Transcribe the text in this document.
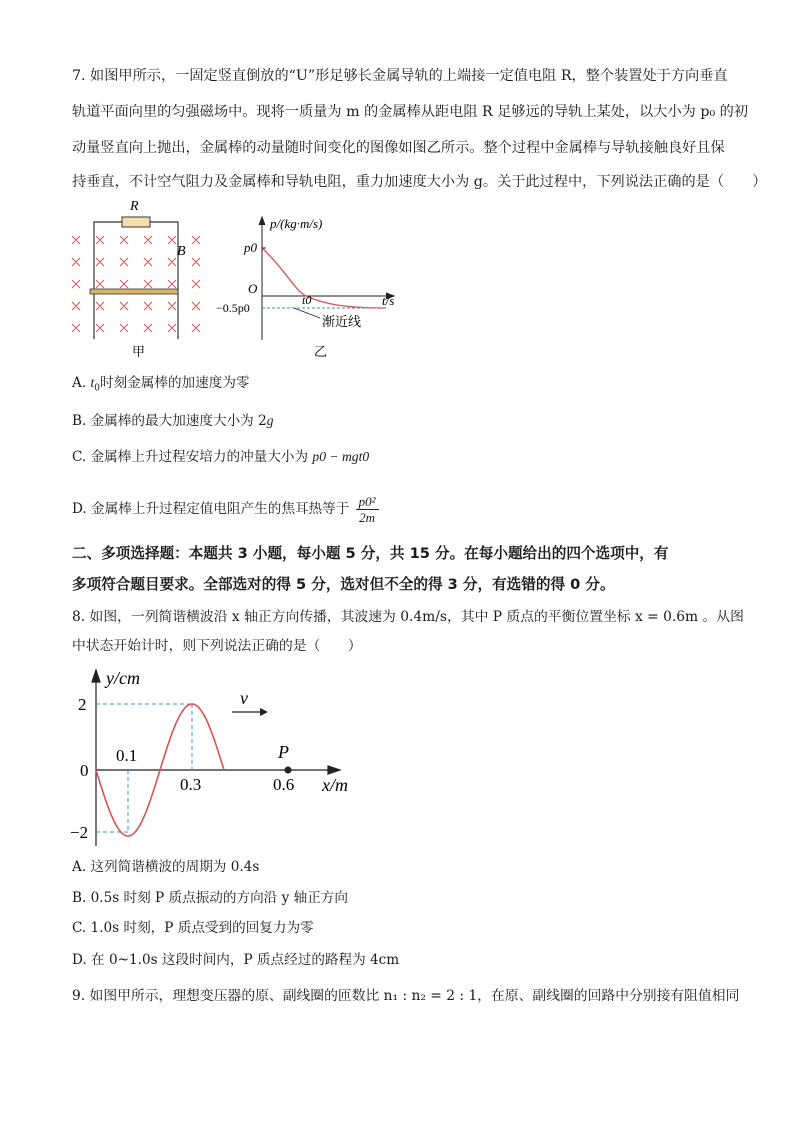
7. 如图甲所示，一固定竖直倒放的“U”形足够长金属导轨的上端接一定值电阻 R，整个装置处于方向垂直
轨道平面向里的匀强磁场中。现将一质量为 m 的金属棒从距电阻 R 足够远的导轨上某处，以大小为 p₀ 的初
动量竖直向上抛出，金属棒的动量随时间变化的图像如图乙所示。整个过程中金属棒与导轨接触良好且保
持垂直，不计空气阻力及金属棒和导轨电阻，重力加速度大小为 g。关于此过程中，下列说法正确的是（　　）
R
B
甲
p/(kg·m/s)
p0
O
t0	t/s
−0.5p0
渐近线
乙
A. $t_0$时刻金属棒的加速度为零
B. 金属棒的最大加速度大小为 2g
C. 金属棒上升过程安培力的冲量大小为 p0 − mgt0
D. 金属棒上升过程定值电阻产生的焦耳热等于 $\frac{\text{p0²}}{2m}$
二、多项选择题：本题共 3 小题，每小题 5 分，共 15 分。在每小题给出的四个选项中，有
多项符合题目要求。全部选对的得 5 分，选对但不全的得 3 分，有选错的得 0 分。
8. 如图，一列简谐横波沿 x 轴正方向传播，其波速为 0.4m/s，其中 P 质点的平衡位置坐标 x = 0.6m 。从图
中状态开始计时，则下列说法正确的是（　　）
v
P
y/cm
x/m
2
0
−2
0.1
0.3	0.6
A. 这列简谐横波的周期为 0.4s
B. 0.5s 时刻 P 质点振动的方向沿 y 轴正方向
C. 1.0s 时刻，P 质点受到的回复力为零
D. 在 0~1.0s 这段时间内，P 质点经过的路程为 4cm
9. 如图甲所示，理想变压器的原、副线圈的匝数比 n₁ : n₂ = 2 : 1，在原、副线圈的回路中分别接有阻值相同
